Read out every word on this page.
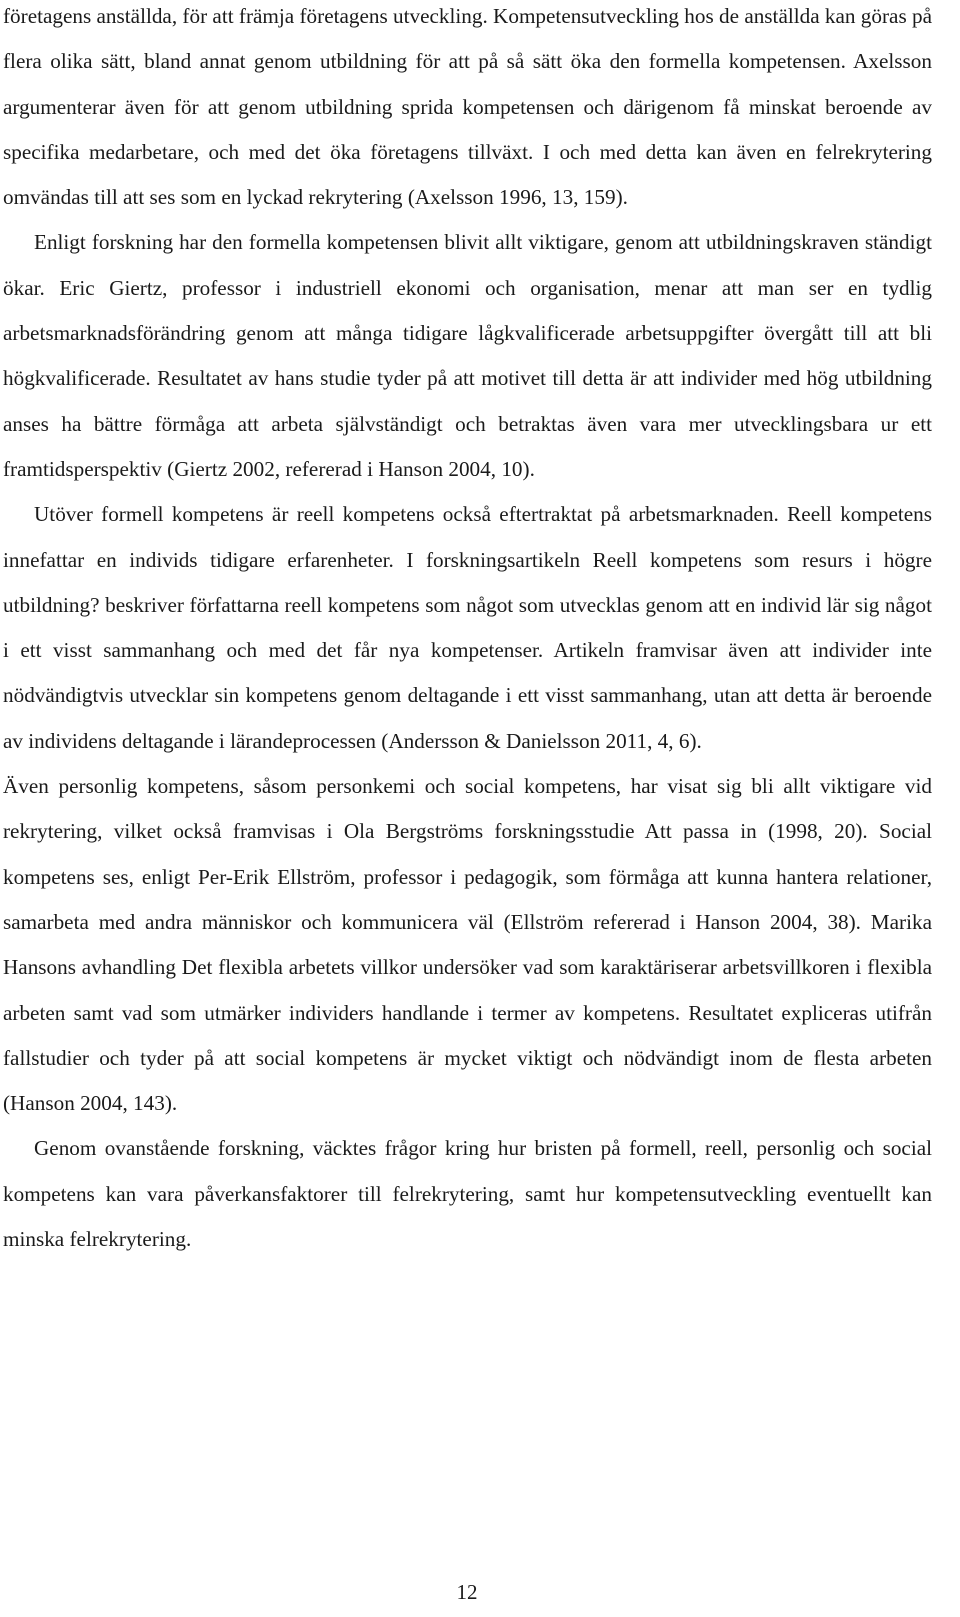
företagens anställda, för att främja företagens utveckling. Kompetensutveckling hos de anställda kan göras på flera olika sätt, bland annat genom utbildning för att på så sätt öka den formella kompetensen. Axelsson argumenterar även för att genom utbildning sprida kompetensen och därigenom få minskat beroende av specifika medarbetare, och med det öka företagens tillväxt. I och med detta kan även en felrekrytering omvändas till att ses som en lyckad rekrytering (Axelsson 1996, 13, 159).

Enligt forskning har den formella kompetensen blivit allt viktigare, genom att utbildningskraven ständigt ökar. Eric Giertz, professor i industriell ekonomi och organisation, menar att man ser en tydlig arbetsmarknadsförändring genom att många tidigare lågkvalificerade arbetsuppgifter övergått till att bli högkvalificerade. Resultatet av hans studie tyder på att motivet till detta är att individer med hög utbildning anses ha bättre förmåga att arbeta självständigt och betraktas även vara mer utvecklingsbara ur ett framtidsperspektiv (Giertz 2002, refererad i Hanson 2004, 10).

Utöver formell kompetens är reell kompetens också eftertraktat på arbetsmarknaden. Reell kompetens innefattar en individs tidigare erfarenheter. I forskningsartikeln Reell kompetens som resurs i högre utbildning? beskriver författarna reell kompetens som något som utvecklas genom att en individ lär sig något i ett visst sammanhang och med det får nya kompetenser. Artikeln framvisar även att individer inte nödvändigtvis utvecklar sin kompetens genom deltagande i ett visst sammanhang, utan att detta är beroende av individens deltagande i lärandeprocessen (Andersson & Danielsson 2011, 4, 6).

Även personlig kompetens, såsom personkemi och social kompetens, har visat sig bli allt viktigare vid rekrytering, vilket också framvisas i Ola Bergströms forskningsstudie Att passa in (1998, 20). Social kompetens ses, enligt Per-Erik Ellström, professor i pedagogik, som förmåga att kunna hantera relationer, samarbeta med andra människor och kommunicera väl (Ellström refererad i Hanson 2004, 38). Marika Hansons avhandling Det flexibla arbetets villkor undersöker vad som karaktäriserar arbetsvillkoren i flexibla arbeten samt vad som utmärker individers handlande i termer av kompetens. Resultatet expliceras utifrån fallstudier och tyder på att social kompetens är mycket viktigt och nödvändigt inom de flesta arbeten (Hanson 2004, 143).

Genom ovanstående forskning, väcktes frågor kring hur bristen på formell, reell, personlig och social kompetens kan vara påverkansfaktorer till felrekrytering, samt hur kompetensutveckling eventuellt kan minska felrekrytering.

12
